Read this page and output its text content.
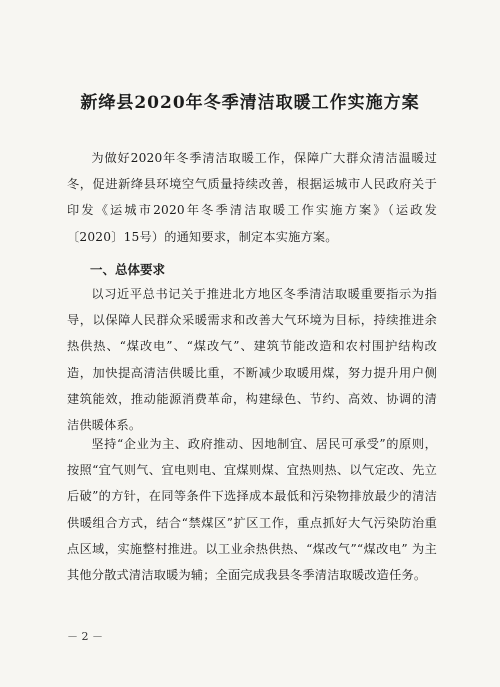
新绛县2020年冬季清洁取暖工作实施方案

为做好2020年冬季清洁取暖工作，保障广大群众清洁温暖过冬，促进新绛县环境空气质量持续改善，根据运城市人民政府关于印发《运城市2020年冬季清洁取暖工作实施方案》（运政发〔2020〕15号）的通知要求，制定本实施方案。

一、总体要求

以习近平总书记关于推进北方地区冬季清洁取暖重要指示为指导，以保障人民群众采暖需求和改善大气环境为目标，持续推进余热供热、“煤改电”、“煤改气”、建筑节能改造和农村围护结构改造，加快提高清洁供暖比重，不断减少取暖用煤，努力提升用户侧建筑能效，推动能源消费革命，构建绿色、节约、高效、协调的清洁供暖体系。

坚持“企业为主、政府推动、因地制宜、居民可承受”的原则，按照“宜气则气、宜电则电、宜煤则煤、宜热则热、以气定改、先立后破”的方针，在同等条件下选择成本最低和污染物排放最少的清洁供暖组合方式，结合“禁煤区”扩区工作，重点抓好大气污染防治重点区域，实施整村推进。以工业余热供热、“煤改气”“煤改电” 为主其他分散式清洁取暖为辅；全面完成我县冬季清洁取暖改造任务。

－ 2 －
